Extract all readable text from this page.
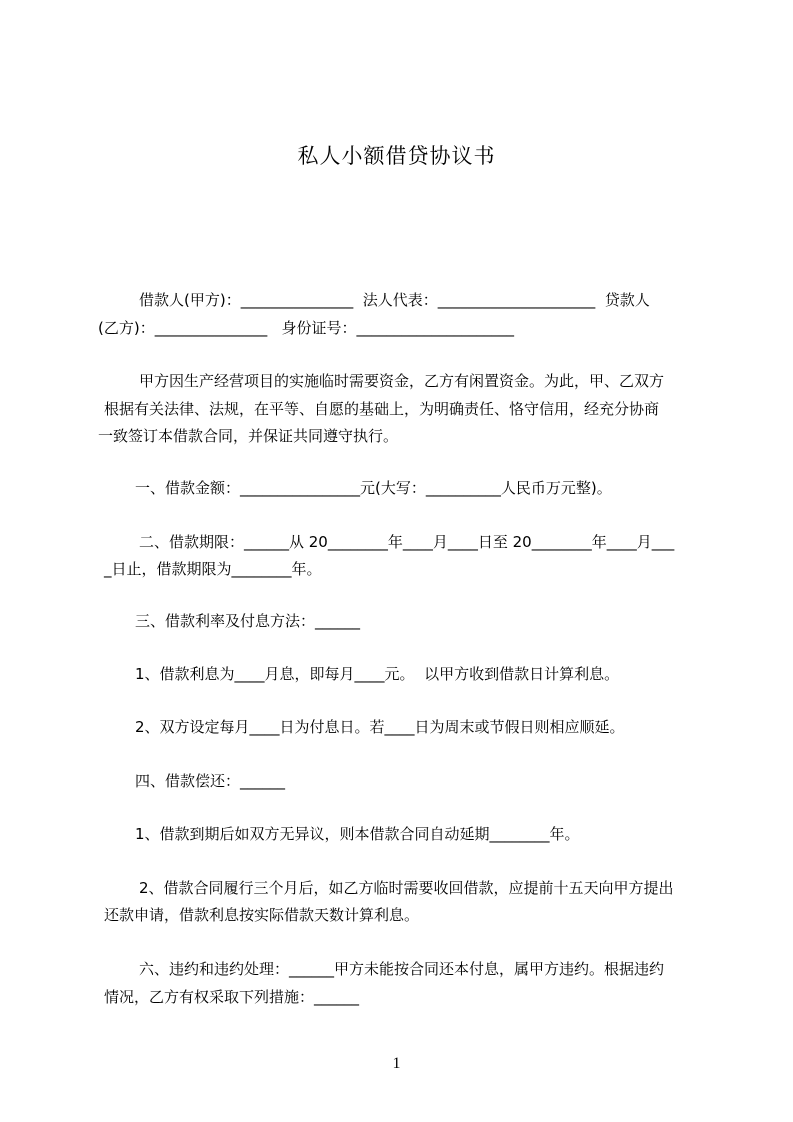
私人小额借贷协议书

借款人(甲方)：_______________  法人代表：_____________________  贷款人

(乙方)：_______________   身份证号：_____________________

甲方因生产经营项目的实施临时需要资金，乙方有闲置资金。为此，甲、乙双方

根据有关法律、法规，在平等、自愿的基础上，为明确责任、恪守信用，经充分协商

一致签订本借款合同，并保证共同遵守执行。

一、借款金额：________________元(大写：__________人民币万元整)。

二、借款期限：______从 20________年____月____日至 20________年____月___

_日止，借款期限为________年。

三、借款利率及付息方法：______

1、借款利息为____月息，即每月____元。  以甲方收到借款日计算利息。

2、双方设定每月____日为付息日。若____日为周末或节假日则相应顺延。

四、借款偿还：______

1、借款到期后如双方无异议，则本借款合同自动延期________年。

2、借款合同履行三个月后，如乙方临时需要收回借款，应提前十五天向甲方提出

还款申请，借款利息按实际借款天数计算利息。

六、违约和违约处理：______甲方未能按合同还本付息，属甲方违约。根据违约

情况，乙方有权采取下列措施：______

1
